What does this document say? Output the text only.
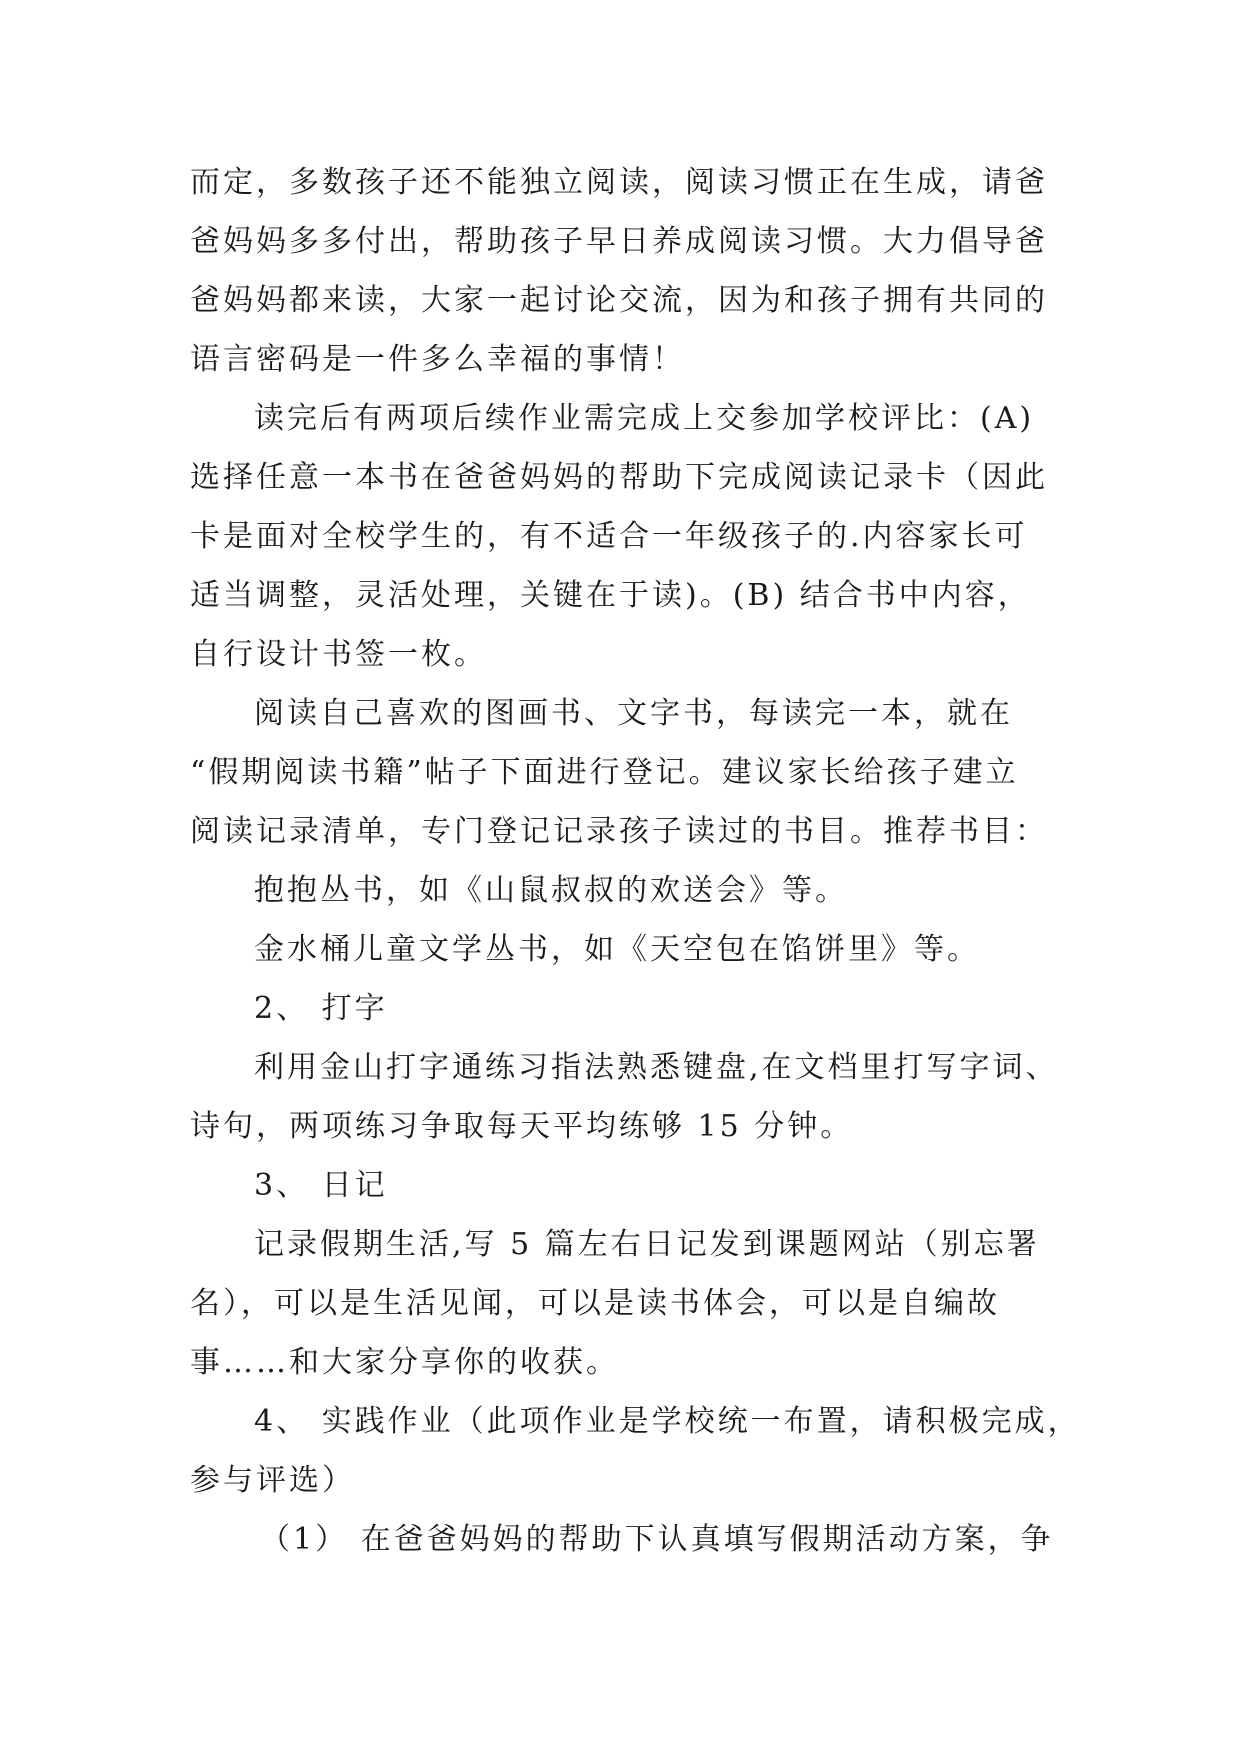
而定，多数孩子还不能独立阅读，阅读习惯正在生成，请爸
爸妈妈多多付出，帮助孩子早日养成阅读习惯。大力倡导爸
爸妈妈都来读，大家一起讨论交流，因为和孩子拥有共同的
语言密码是一件多么幸福的事情！
读完后有两项后续作业需完成上交参加学校评比：(A)
选择任意一本书在爸爸妈妈的帮助下完成阅读记录卡（因此
卡是面对全校学生的，有不适合一年级孩子的.内容家长可
适当调整，灵活处理，关键在于读)。(B) 结合书中内容，
自行设计书签一枚。
阅读自己喜欢的图画书、文字书，每读完一本，就在
“假期阅读书籍”帖子下面进行登记。建议家长给孩子建立
阅读记录清单，专门登记记录孩子读过的书目。推荐书目：
抱抱丛书，如《山鼠叔叔的欢送会》等。
金水桶儿童文学丛书，如《天空包在馅饼里》等。
2、 打字
利用金山打字通练习指法熟悉键盘,在文档里打写字词、
诗句，两项练习争取每天平均练够 15 分钟。
3、 日记
记录假期生活,写 5 篇左右日记发到课题网站（别忘署
名），可以是生活见闻，可以是读书体会，可以是自编故
事……和大家分享你的收获。
4、 实践作业（此项作业是学校统一布置，请积极完成，
参与评选）
（1） 在爸爸妈妈的帮助下认真填写假期活动方案，争
